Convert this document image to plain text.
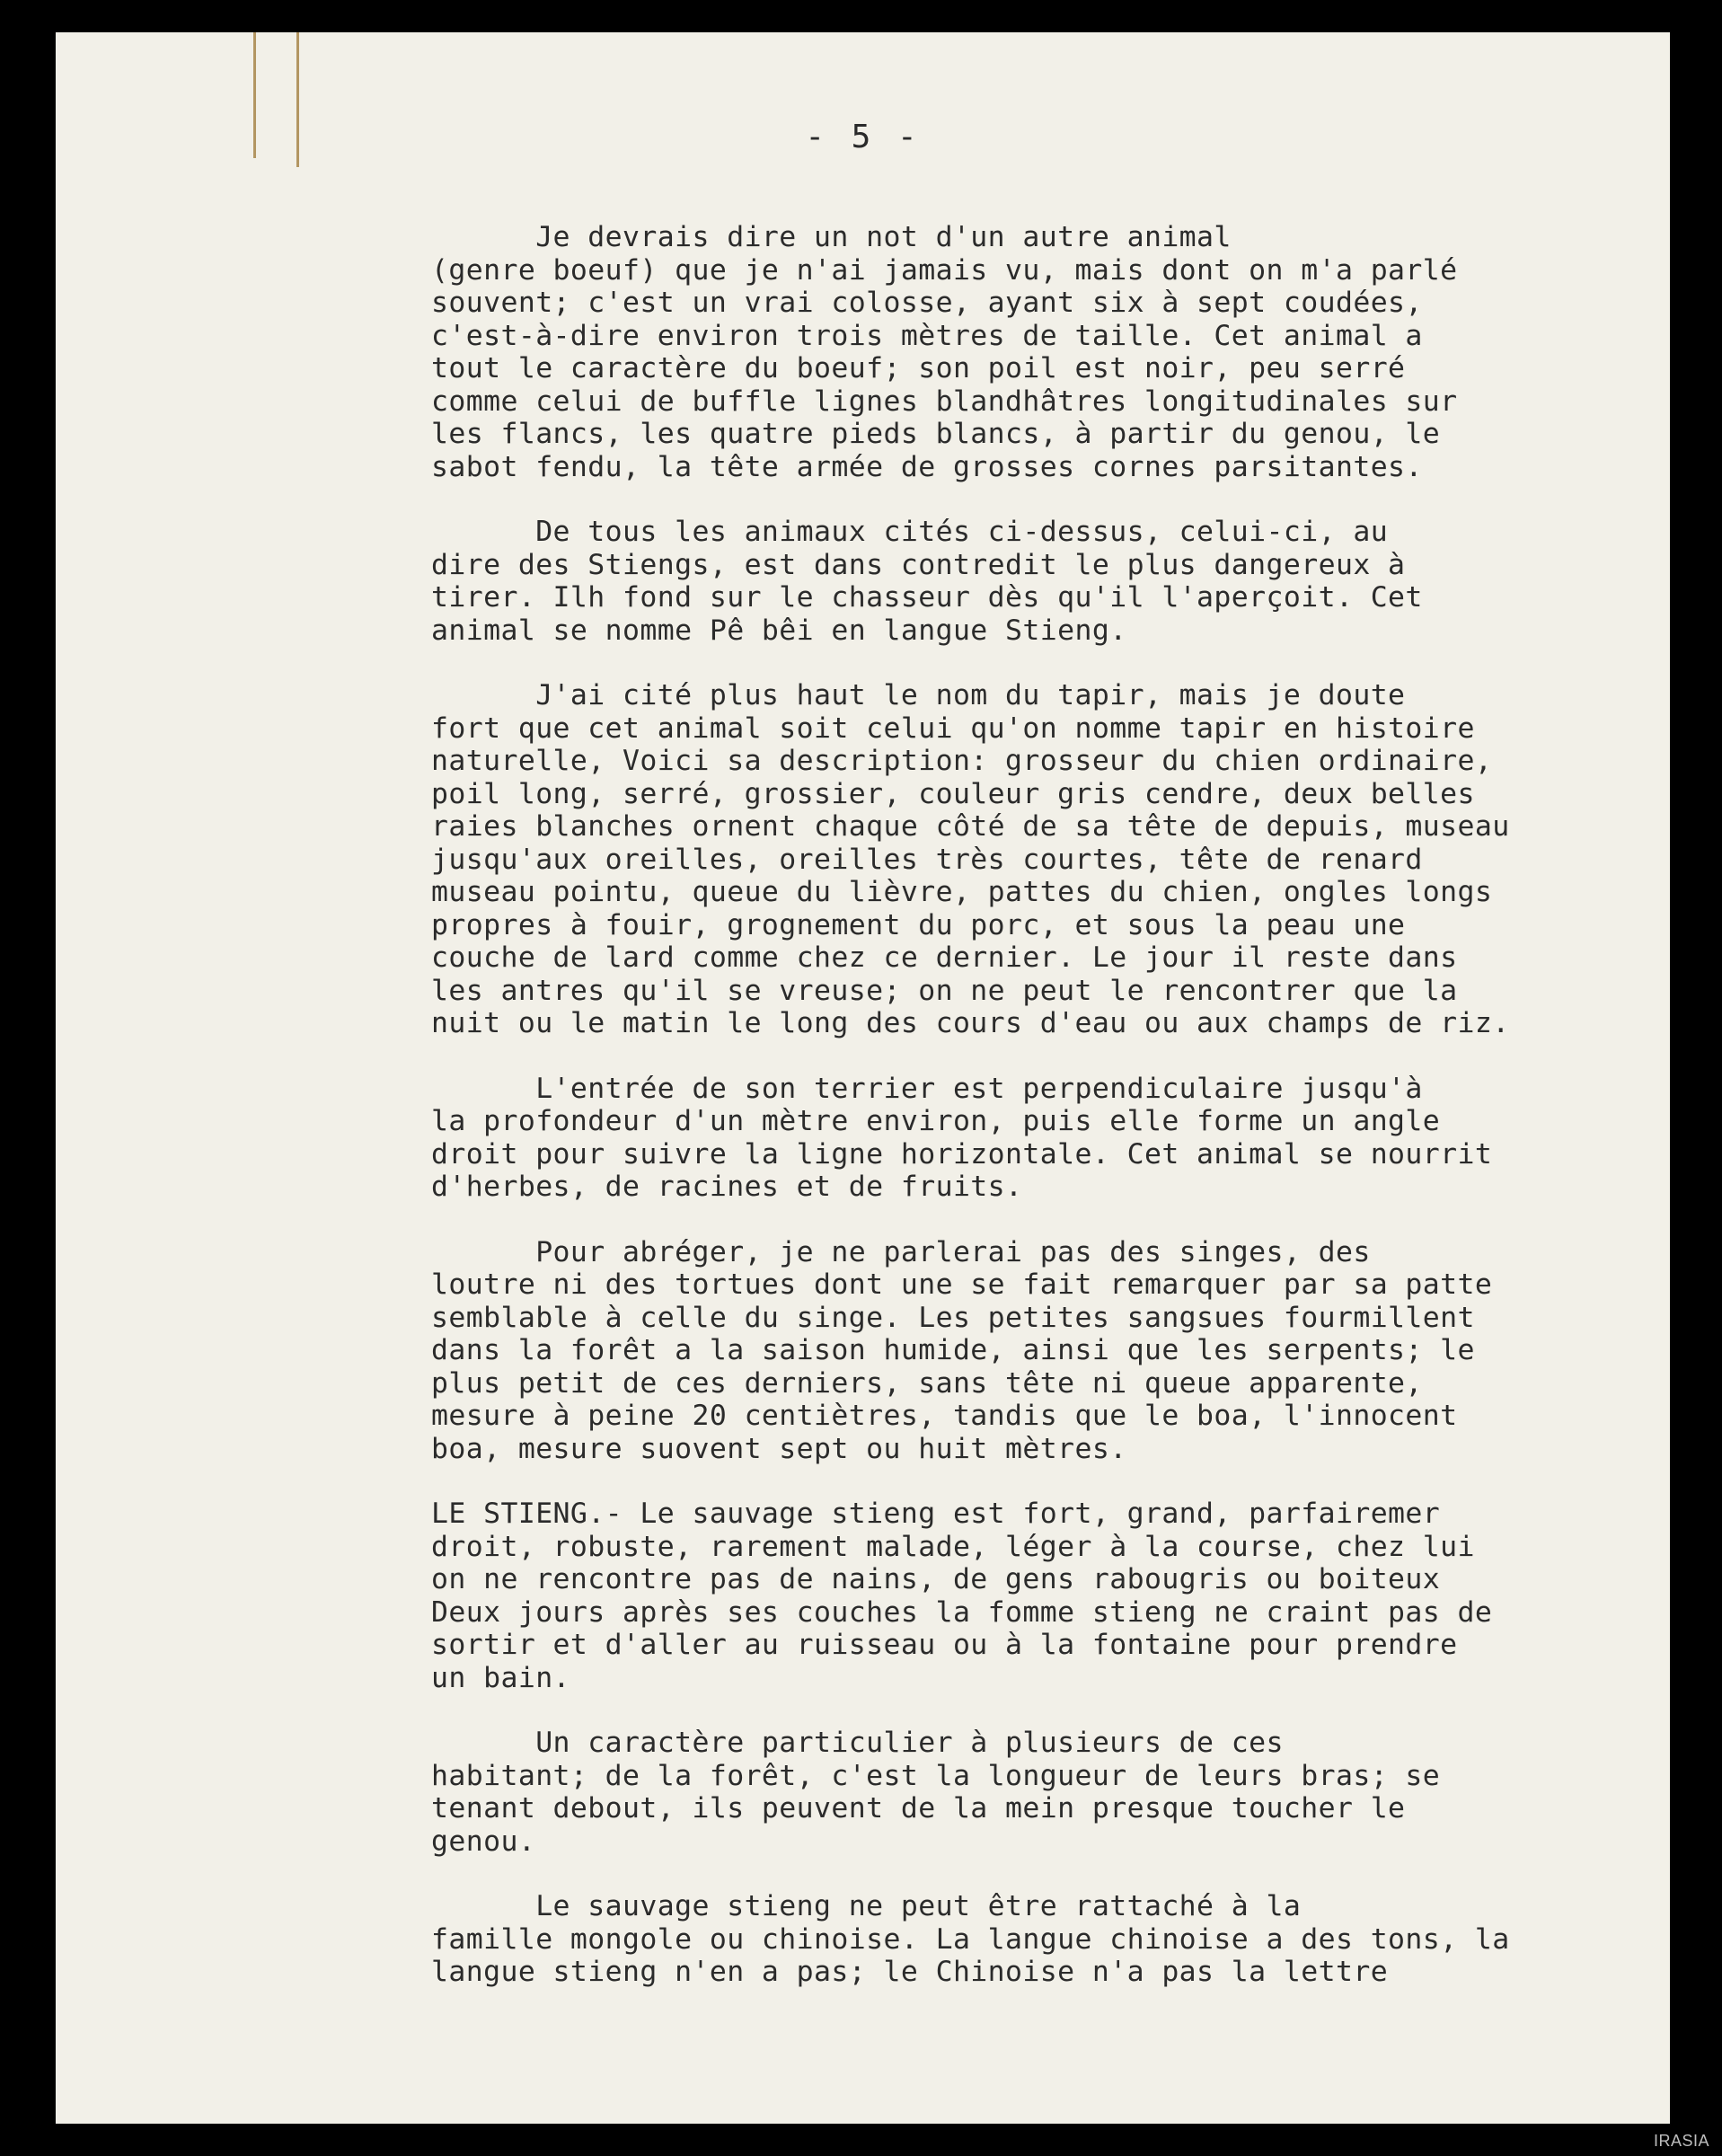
- 5 -
Je devrais dire un not d'un autre animal
(genre boeuf) que je n'ai jamais vu, mais dont on m'a parlé
souvent; c'est un vrai colosse, ayant six à sept coudées,
c'est-à-dire environ trois mètres de taille. Cet animal a
tout le caractère du boeuf; son poil est noir, peu serré
comme celui de buffle lignes blandhâtres longitudinales sur
les flancs, les quatre pieds blancs, à partir du genou, le
sabot fendu, la tête armée de grosses cornes parsitantes.
De tous les animaux cités ci-dessus, celui-ci, au
dire des Stiengs, est dans contredit le plus dangereux à
tirer. Ilh fond sur le chasseur dès qu'il l'aperçoit. Cet
animal se nomme Pê bêi en langue Stieng.
J'ai cité plus haut le nom du tapir, mais je doute
fort que cet animal soit celui qu'on nomme tapir en histoire
naturelle, Voici sa description: grosseur du chien ordinaire,
poil long, serré, grossier, couleur gris cendre, deux belles
raies blanches ornent chaque côté de sa tête de depuis, museau
jusqu'aux oreilles, oreilles très courtes, tête de renard
museau pointu, queue du lièvre, pattes du chien, ongles longs
propres à fouir, grognement du porc, et sous la peau une
couche de lard comme chez ce dernier. Le jour il reste dans
les antres qu'il se vreuse; on ne peut le rencontrer que la
nuit ou le matin le long des cours d'eau ou aux champs de riz.
L'entrée de son terrier est perpendiculaire jusqu'à
la profondeur d'un mètre environ, puis elle forme un angle
droit pour suivre la ligne horizontale. Cet animal se nourrit
d'herbes, de racines et de fruits.
Pour abréger, je ne parlerai pas des singes, des
loutre ni des tortues dont une se fait remarquer par sa patte
semblable à celle du singe. Les petites sangsues fourmillent
dans la forêt a la saison humide, ainsi que les serpents; le
plus petit de ces derniers, sans tête ni queue apparente,
mesure à peine 20 centiètres, tandis que le boa, l'innocent
boa, mesure suovent sept ou huit mètres.
LE STIENG.- Le sauvage stieng est fort, grand, parfairemer
droit, robuste, rarement malade, léger à la course, chez lui
on ne rencontre pas de nains, de gens rabougris ou boiteux
Deux jours après ses couches la fomme stieng ne craint pas de
sortir et d'aller au ruisseau ou à la fontaine pour prendre
un bain.
Un caractère particulier à plusieurs de ces
habitant; de la forêt, c'est la longueur de leurs bras; se
tenant debout, ils peuvent de la mein presque toucher le
genou.
Le sauvage stieng ne peut être rattaché à la
famille mongole ou chinoise. La langue chinoise a des tons, la
langue stieng n'en a pas; le Chinoise n'a pas la lettre
IRASIA
